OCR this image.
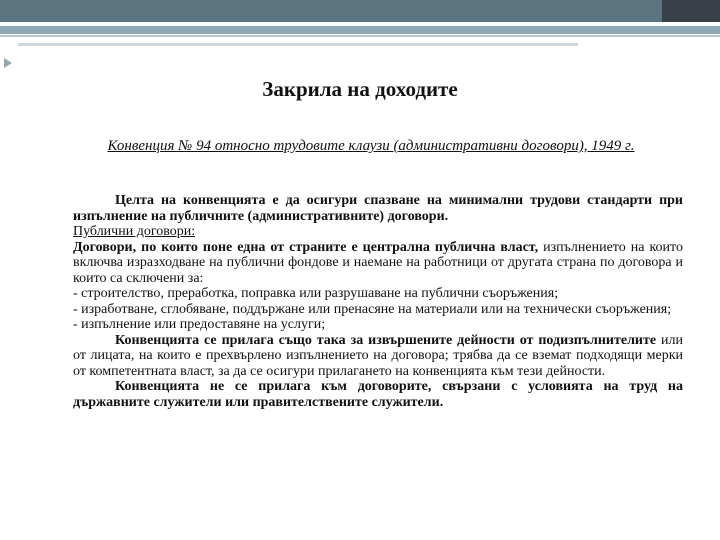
Закрила на доходите
Конвенция № 94 относно трудовите клаузи (административни договори), 1949 г.

Целта на конвенцията е да осигури спазване на минимални трудови стандарти при изпълнение на публичните (административните) договори.

Публични договори:

Договори, по които поне една от страните е централна публична власт, изпълнението на които включва изразходване на публични фондове и наемане на работници от другата страна по договора и които са сключени за:

- строителство, преработка, поправка или разрушаване на публични съоръжения;

- изработване, сглобяване, поддържане или пренасяне на материали или на технически съоръжения;

- изпълнение или предоставяне на услуги;

Конвенцията се прилага също така за извършените дейности от подизпълнителите или от лицата, на които е прехвърлено изпълнението на договора; трябва да се вземат подходящи мерки от компетентната власт, за да се осигури прилагането на конвенцията към тези дейности.

Конвенцията не се прилага към договорите, свързани с условията на труд на държавните служители или правителствените служители.
